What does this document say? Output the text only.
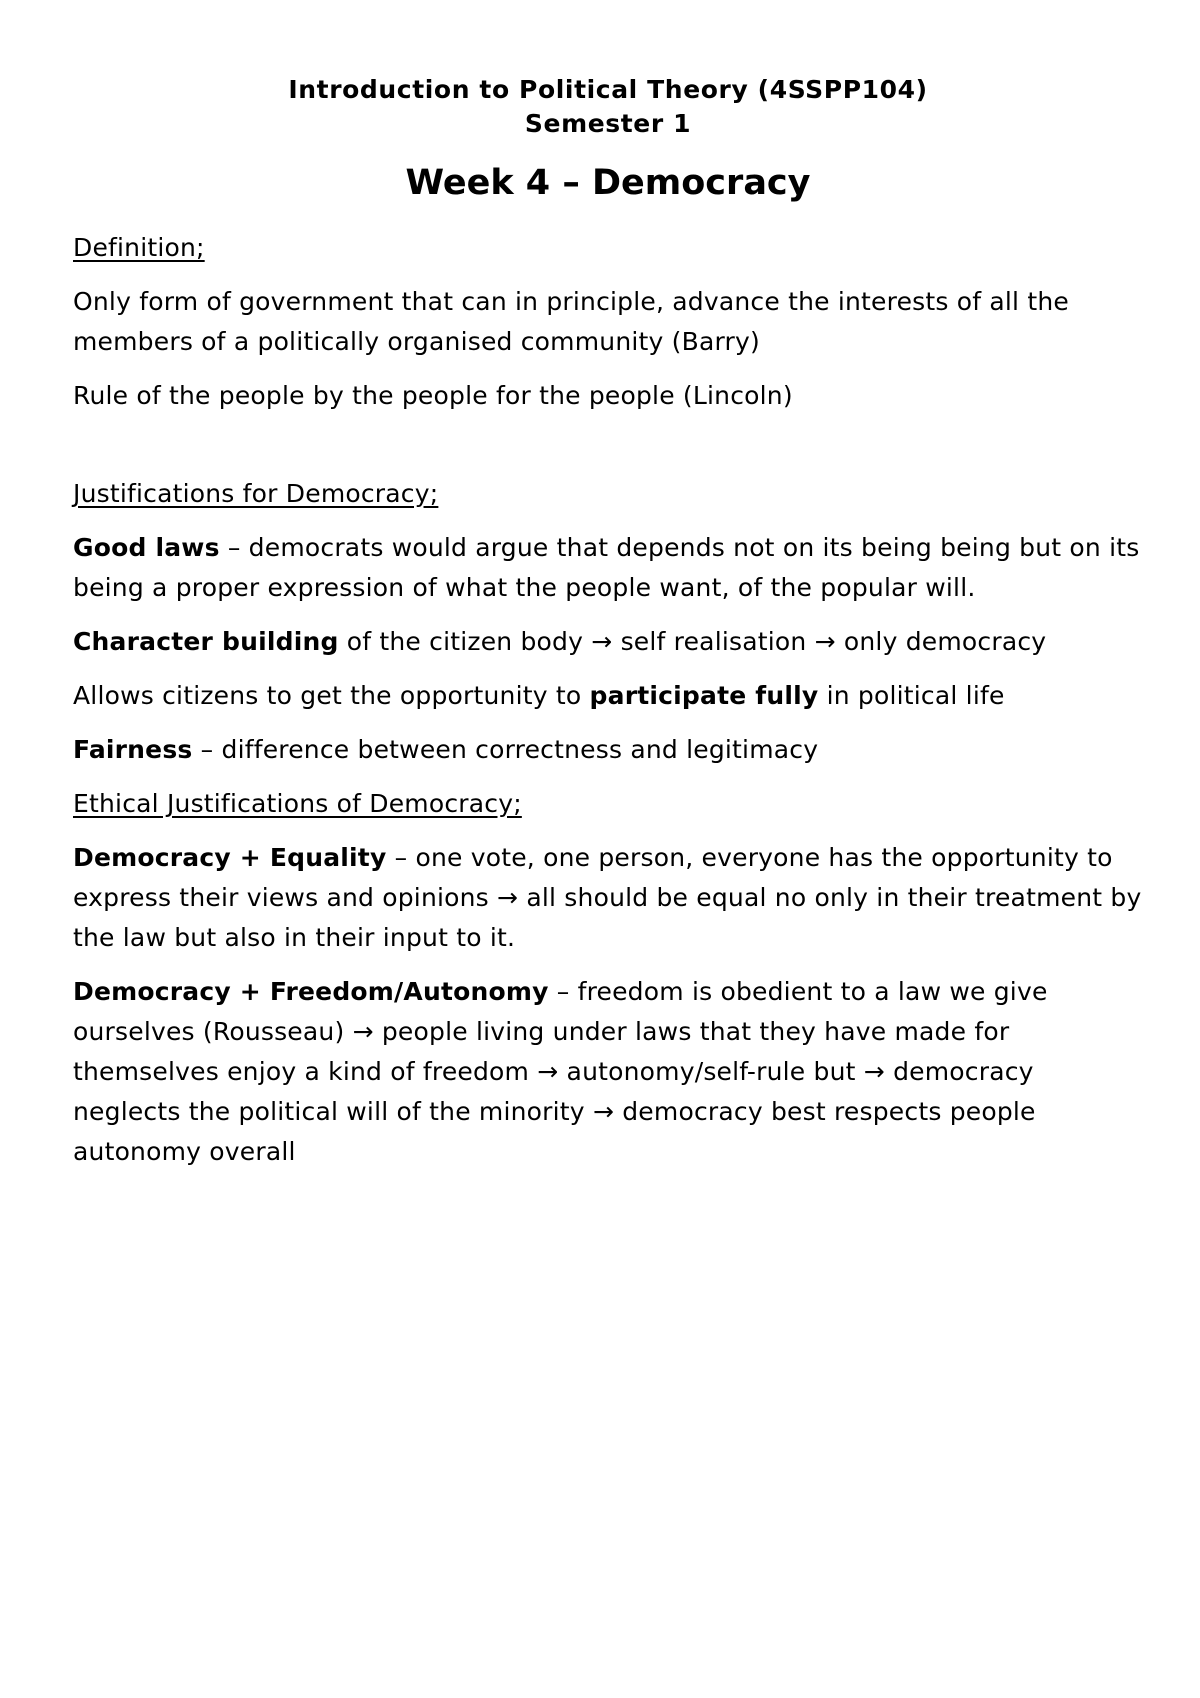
Introduction to Political Theory (4SSPP104)

Semester 1

Week 4 – Democracy

Definition;

Only form of government that can in principle, advance the interests of all the members of a politically organised community (Barry)

Rule of the people by the people for the people (Lincoln)

Justifications for Democracy;

Good laws – democrats would argue that depends not on its being being but on its being a proper expression of what the people want, of the popular will.

Character building of the citizen body → self realisation → only democracy

Allows citizens to get the opportunity to participate fully in political life

Fairness – difference between correctness and legitimacy

Ethical Justifications of Democracy;

Democracy + Equality – one vote, one person, everyone has the opportunity to express their views and opinions → all should be equal no only in their treatment by the law but also in their input to it.

Democracy + Freedom/Autonomy – freedom is obedient to a law we give ourselves (Rousseau) → people living under laws that they have made for themselves enjoy a kind of freedom → autonomy/self-rule but → democracy neglects the political will of the minority → democracy best respects people autonomy overall
